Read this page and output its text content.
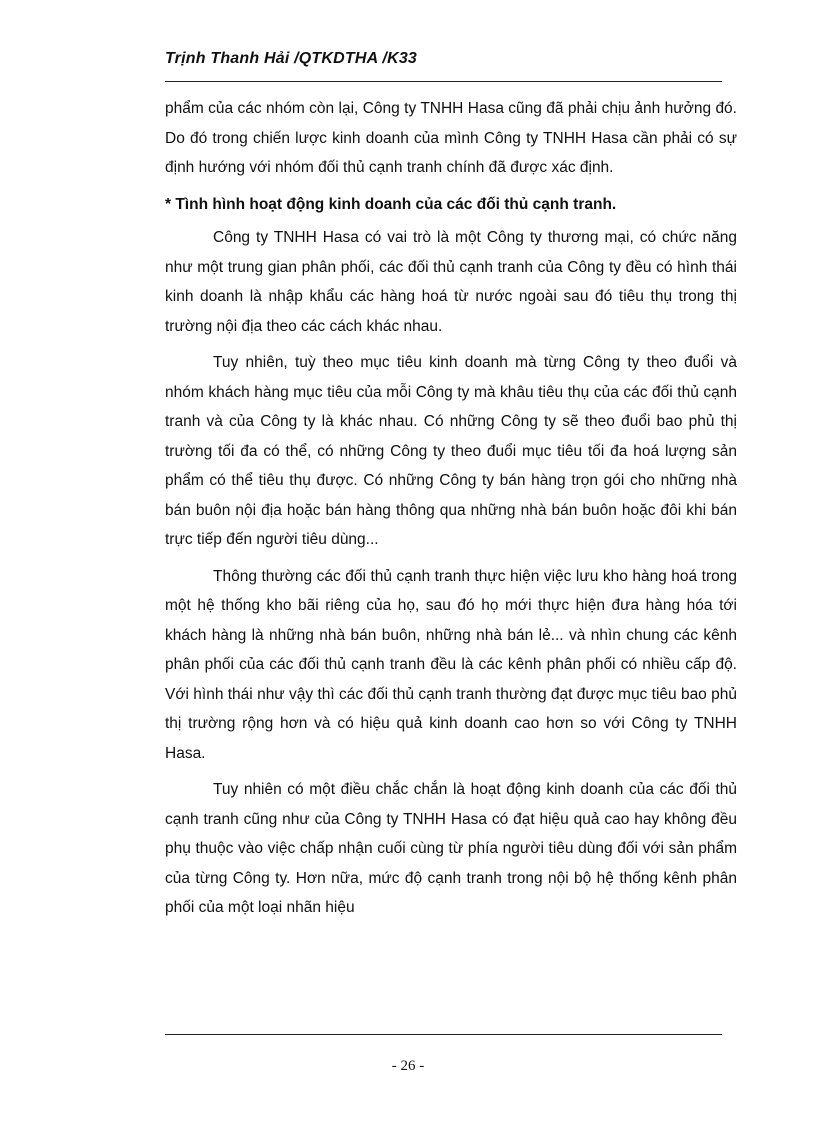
Trịnh Thanh Hải /QTKDTHA /K33

phẩm của các nhóm còn lại, Công ty TNHH Hasa cũng đã phải chịu ảnh hưởng đó. Do đó trong chiến lược kinh doanh của mình Công ty TNHH Hasa cần phải có sự định hướng với nhóm đối thủ cạnh tranh chính đã được xác định.

* Tình hình hoạt động kinh doanh của các đối thủ cạnh tranh.

Công ty TNHH Hasa có vai trò là một Công ty thương mại, có chức năng như một trung gian phân phối, các đối thủ cạnh tranh của Công ty đều có hình thái kinh doanh là nhập khẩu các hàng hoá từ nước ngoài sau đó tiêu thụ trong thị trường nội địa theo các cách khác nhau.

Tuy nhiên, tuỳ theo mục tiêu kinh doanh mà từng Công ty theo đuổi và nhóm khách hàng mục tiêu của mỗi Công ty mà khâu tiêu thụ của các đối thủ cạnh tranh và của Công ty là khác nhau. Có những Công ty sẽ theo đuổi bao phủ thị trường tối đa có thể, có những Công ty theo đuổi mục tiêu tối đa hoá lượng sản phẩm có thể tiêu thụ được. Có những Công ty bán hàng trọn gói cho những nhà bán buôn nội địa hoặc bán hàng thông qua những nhà bán buôn hoặc đôi khi bán trực tiếp đến người tiêu dùng...

Thông thường các đối thủ cạnh tranh thực hiện việc lưu kho hàng hoá trong một hệ thống kho bãi riêng của họ, sau đó họ mới thực hiện đưa hàng hóa tới khách hàng là những nhà bán buôn, những nhà bán lẻ... và nhìn chung các kênh phân phối của các đối thủ cạnh tranh đều là các kênh phân phối có nhiều cấp độ. Với hình thái như vậy thì các đối thủ cạnh tranh thường đạt được mục tiêu bao phủ thị trường rộng hơn và có hiệu quả kinh doanh cao hơn so với Công ty TNHH Hasa.

Tuy nhiên có một điều chắc chắn là hoạt động kinh doanh của các đối thủ cạnh tranh cũng như của Công ty TNHH Hasa có đạt hiệu quả cao hay không đều phụ thuộc vào việc chấp nhận cuối cùng từ phía người tiêu dùng đối với sản phẩm của từng Công ty. Hơn nữa, mức độ cạnh tranh trong nội bộ hệ thống kênh phân phối của một loại nhãn hiệu

- 26 -
